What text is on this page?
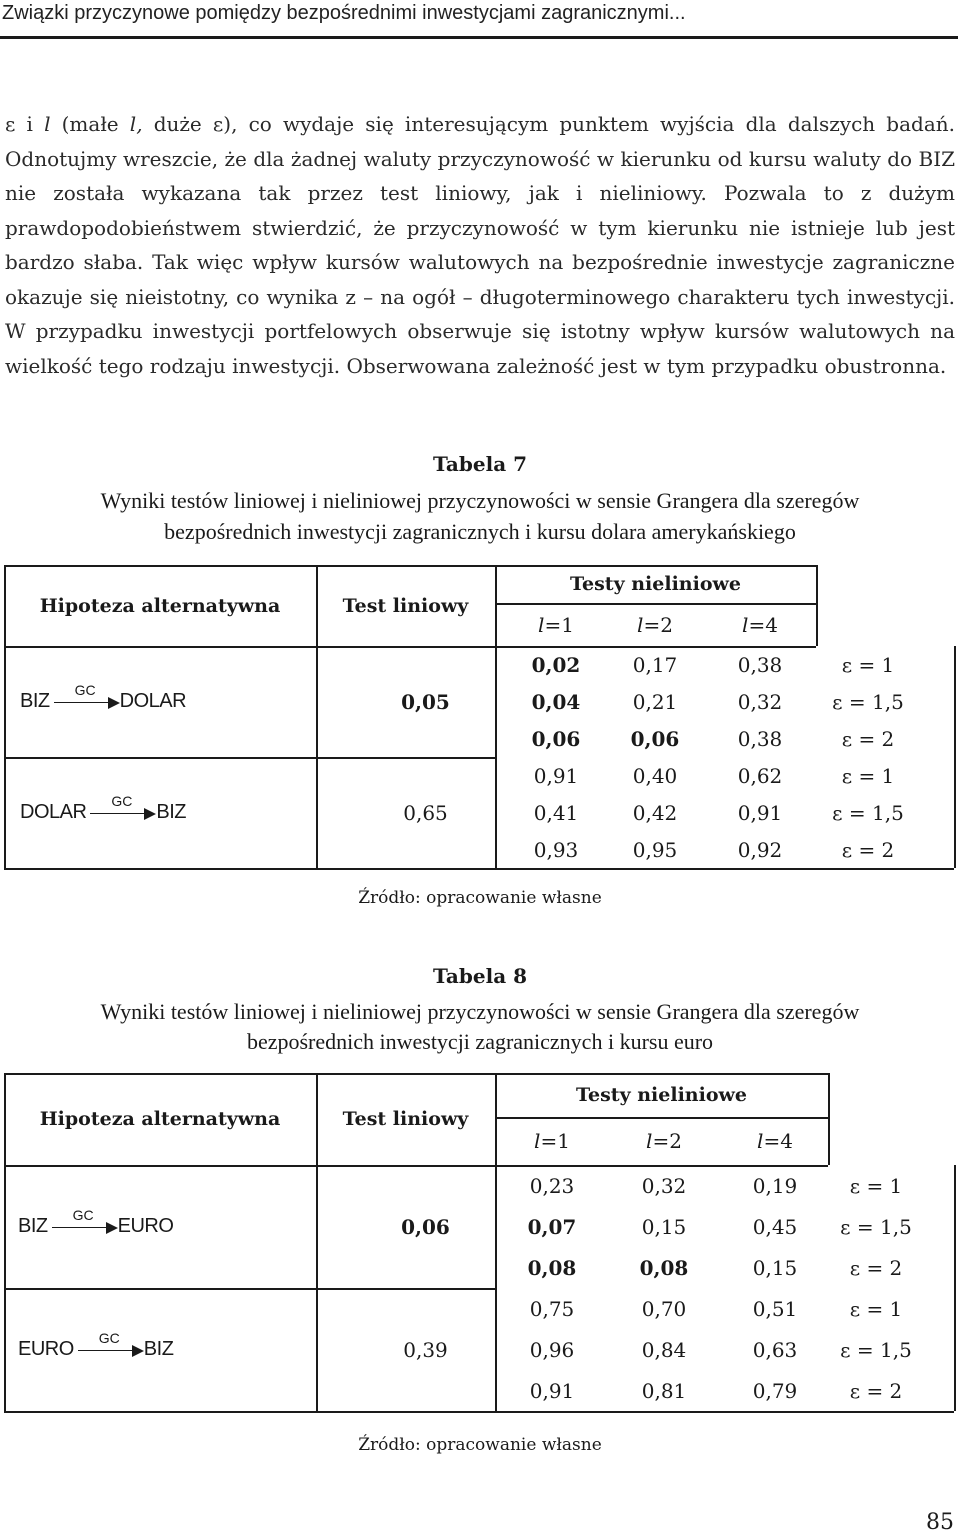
Związki przyczynowe pomiędzy bezpośrednimi inwestycjami zagranicznymi...
ε i l (małe l, duże ε), co wydaje się interesującym punktem wyjścia dla dalszych badań. Odnotujmy wreszcie, że dla żadnej waluty przyczynowość w kierunku od kursu waluty do BIZ nie została wykazana tak przez test liniowy, jak i nieliniowy. Pozwala to z dużym prawdopodobieństwem stwierdzić, że przyczynowość w tym kierunku nie istnieje lub jest bardzo słaba. Tak więc wpływ kursów walutowych na bezpośrednie inwestycje zagraniczne okazuje się nieistotny, co wynika z – na ogół – długoterminowego charakteru tych inwestycji. W przypadku inwestycji portfelowych obserwuje się istotny wpływ kursów walutowych na wielkość tego rodzaju inwestycji. Obserwowana zależność jest w tym przypadku obustronna.
Tabela 7
Wyniki testów liniowej i nieliniowej przyczynowości w sensie Grangera dla szeregów
bezpośrednich inwestycji zagranicznych i kursu dolara amerykańskiego
Hipoteza alternatywna	Test liniowy
Testy nieliniowe
l=1	l=2	l=4
BIZ GC DOLAR	0,05
0,02	0,17	0,38	ε = 1
0,04	0,21	0,32 ε = 1,5
0,06	0,06	0,38	ε = 2
DOLAR GC BIZ	0,65
0,91	0,40	0,62	ε = 1
0,41	0,42	0,91 ε = 1,5
0,93	0,95	0,92	ε = 2
Źródło: opracowanie własne
Tabela 8
Wyniki testów liniowej i nieliniowej przyczynowości w sensie Grangera dla szeregów
bezpośrednich inwestycji zagranicznych i kursu euro
Hipoteza alternatywna	Test liniowy
Testy nieliniowe
l=1	l=2	l=4
BIZ GC EURO	0,06
0,23	0,32	0,19	ε = 1
0,07	0,15	0,45 ε = 1,5
0,08	0,08	0,15	ε = 2
EURO GC BIZ	0,39
0,75	0,70	0,51	ε = 1
0,96	0,84	0,63 ε = 1,5
0,91	0,81	0,79	ε = 2
Źródło: opracowanie własne
85
